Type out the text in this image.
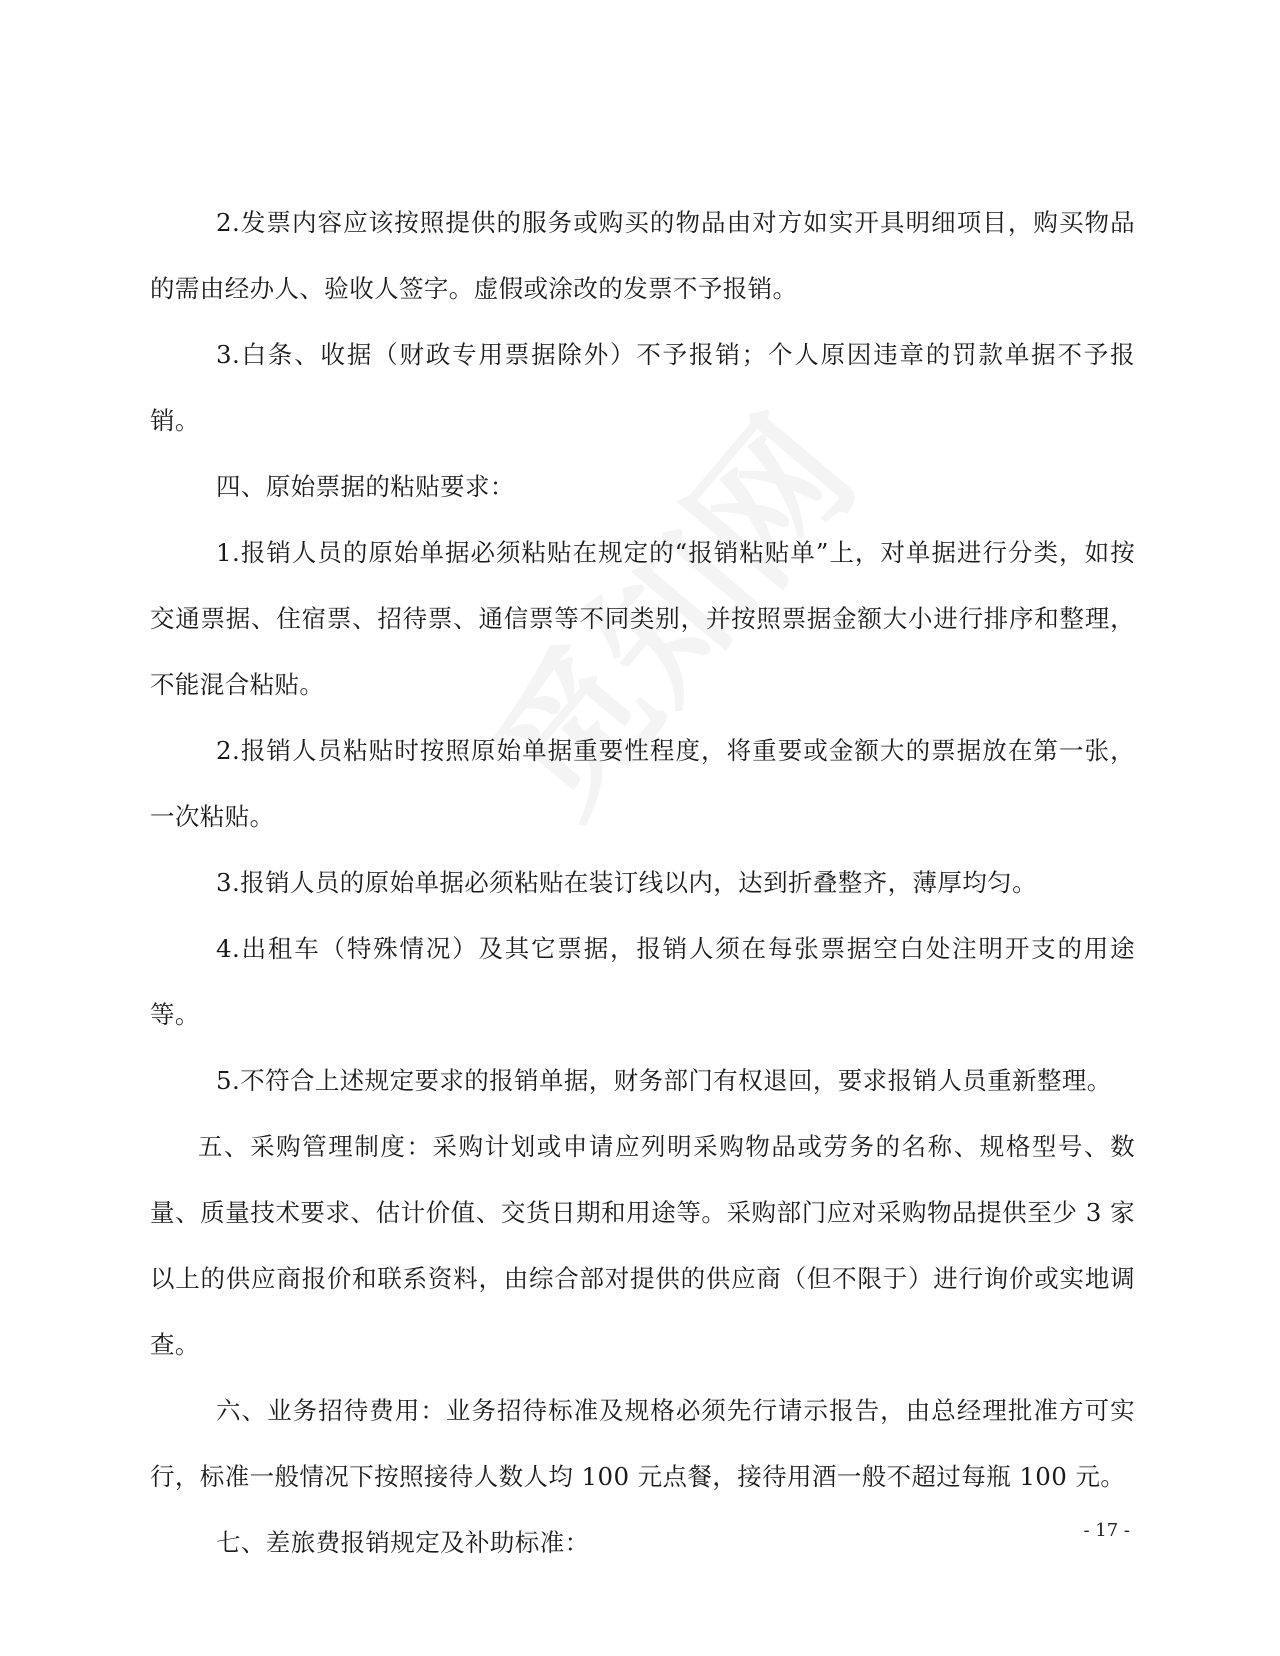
2.发票内容应该按照提供的服务或购买的物品由对方如实开具明细项目，购买物品的需由经办人、验收人签字。虚假或涂改的发票不予报销。

3.白条、收据（财政专用票据除外）不予报销；个人原因违章的罚款单据不予报销。

四、原始票据的粘贴要求：

1.报销人员的原始单据必须粘贴在规定的“报销粘贴单”上，对单据进行分类，如按交通票据、住宿票、招待票、通信票等不同类别，并按照票据金额大小进行排序和整理，不能混合粘贴。

2.报销人员粘贴时按照原始单据重要性程度，将重要或金额大的票据放在第一张，一次粘贴。

3.报销人员的原始单据必须粘贴在装订线以内，达到折叠整齐，薄厚均匀。

4.出租车（特殊情况）及其它票据，报销人须在每张票据空白处注明开支的用途等。

5.不符合上述规定要求的报销单据，财务部门有权退回，要求报销人员重新整理。

五、采购管理制度：采购计划或申请应列明采购物品或劳务的名称、规格型号、数量、质量技术要求、估计价值、交货日期和用途等。采购部门应对采购物品提供至少 3 家以上的供应商报价和联系资料，由综合部对提供的供应商（但不限于）进行询价或实地调查。

六、业务招待费用：业务招待标准及规格必须先行请示报告，由总经理批准方可实行，标准一般情况下按照接待人数人均 100 元点餐，接待用酒一般不超过每瓶 100 元。

七、差旅费报销规定及补助标准：	- 17 -
